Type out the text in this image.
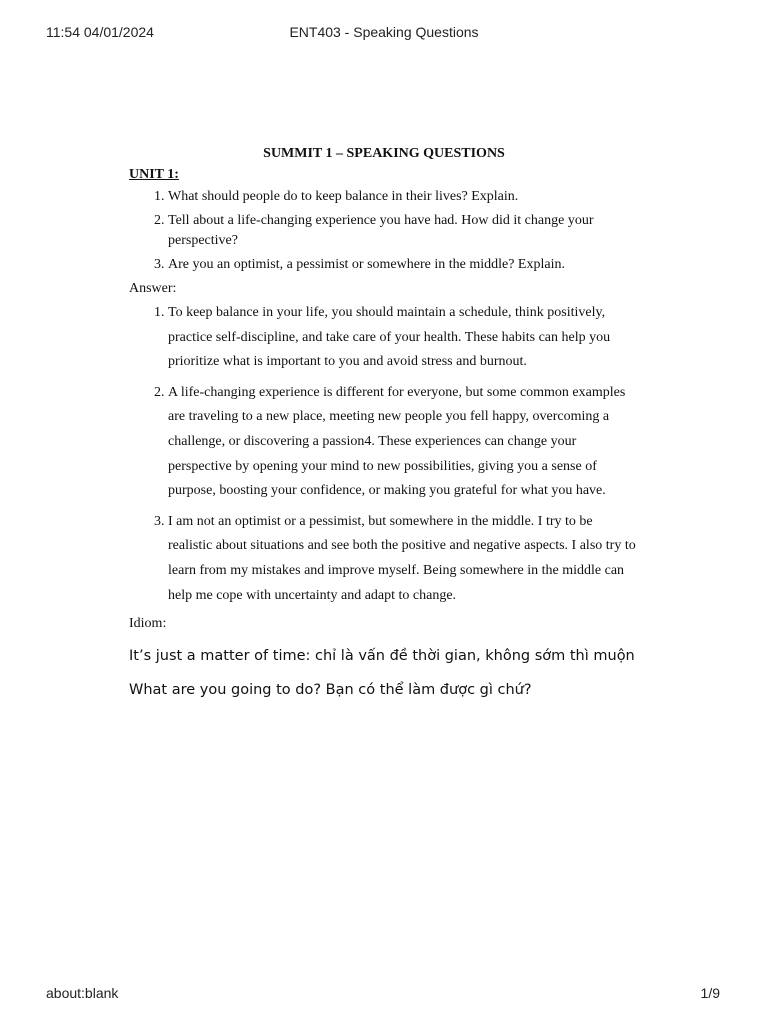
11:54 04/01/2024	ENT403 - Speaking Questions
SUMMIT 1 – SPEAKING QUESTIONS
UNIT 1:
1. What should people do to keep balance in their lives? Explain.
2. Tell about a life-changing experience you have had. How did it change your perspective?
3. Are you an optimist, a pessimist or somewhere in the middle? Explain.
Answer:
1. To keep balance in your life, you should maintain a schedule, think positively, practice self-discipline, and take care of your health. These habits can help you prioritize what is important to you and avoid stress and burnout.
2. A life-changing experience is different for everyone, but some common examples are traveling to a new place, meeting new people you fell happy, overcoming a challenge, or discovering a passion4. These experiences can change your perspective by opening your mind to new possibilities, giving you a sense of purpose, boosting your confidence, or making you grateful for what you have.
3. I am not an optimist or a pessimist, but somewhere in the middle. I try to be realistic about situations and see both the positive and negative aspects. I also try to learn from my mistakes and improve myself. Being somewhere in the middle can help me cope with uncertainty and adapt to change.
Idiom:
It’s just a matter of time: chỉ là vấn đề thời gian, không sớm thì muộn
What are you going to do? Bạn có thể làm được gì chứ?
about:blank	1/9
